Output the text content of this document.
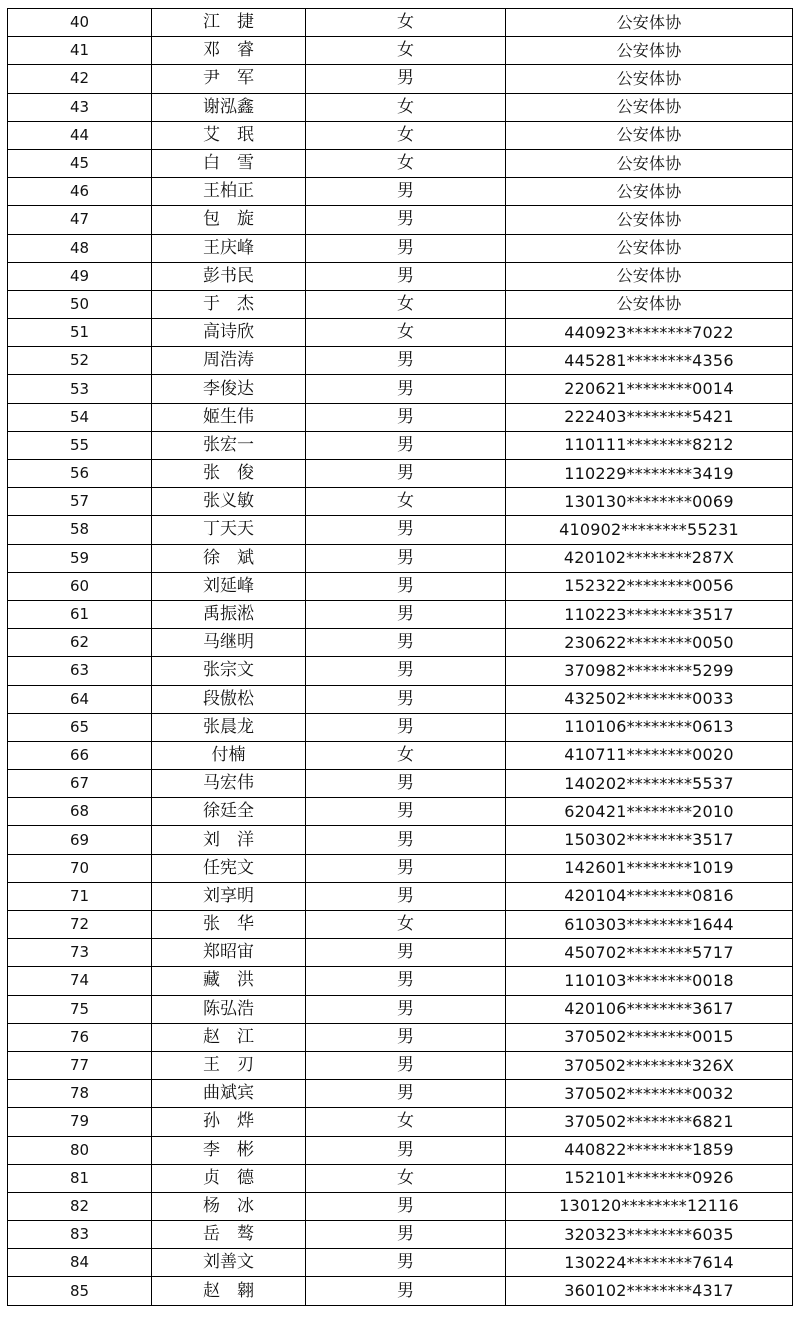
40	江　捷	女	公安体协
41	邓　睿	女	公安体协
42	尹　军	男	公安体协
43	谢泓鑫	女	公安体协
44	艾　珉	女	公安体协
45	白　雪	女	公安体协
46	王柏正	男	公安体协
47	包　旋	男	公安体协
48	王庆峰	男	公安体协
49	彭书民	男	公安体协
50	于　杰	女	公安体协
51	高诗欣	女	440923********7022
52	周浩涛	男	445281********4356
53	李俊达	男	220621********0014
54	姬生伟	男	222403********5421
55	张宏一	男	110111********8212
56	张　俊	男	110229********3419
57	张义敏	女	130130********0069
58	丁天天	男	410902********55231
59	徐　斌	男	420102********287X
60	刘延峰	男	152322********0056
61	禹振淞	男	110223********3517
62	马继明	男	230622********0050
63	张宗文	男	370982********5299
64	段傲松	男	432502********0033
65	张晨龙	男	110106********0613
66	付楠	女	410711********0020
67	马宏伟	男	140202********5537
68	徐廷全	男	620421********2010
69	刘　洋	男	150302********3517
70	任宪文	男	142601********1019
71	刘享明	男	420104********0816
72	张　华	女	610303********1644
73	郑昭宙	男	450702********5717
74	藏　洪	男	110103********0018
75	陈弘浩	男	420106********3617
76	赵　江	男	370502********0015
77	王　刃	男	370502********326X
78	曲斌宾	男	370502********0032
79	孙　烨	女	370502********6821
80	李　彬	男	440822********1859
81	贞　德	女	152101********0926
82	杨　冰	男	130120********12116
83	岳　骜	男	320323********6035
84	刘善文	男	130224********7614
85	赵　翱	男	360102********4317
